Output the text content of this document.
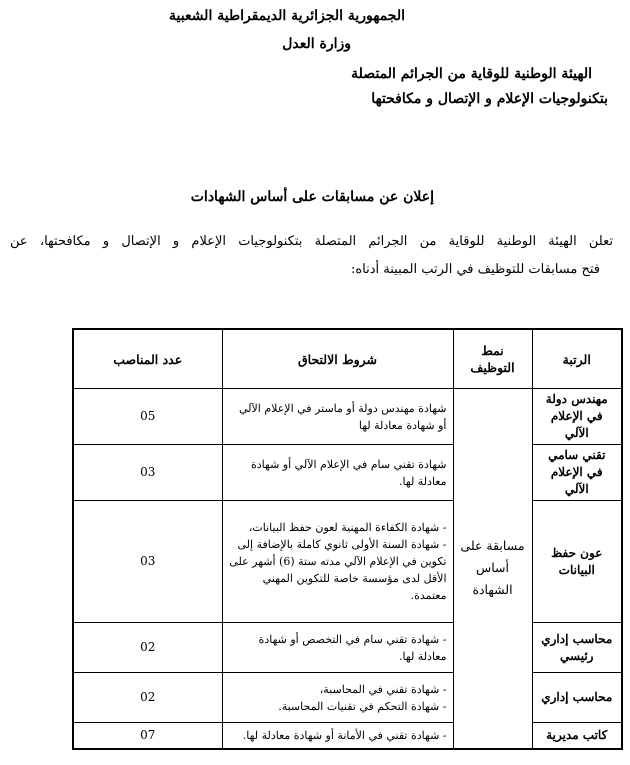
الجمهورية الجزائرية الديمقراطية الشعبية
وزارة العدل
الهيئة الوطنية للوقاية من الجرائم المتصلة
بتكنولوجيات الإعلام و الإتصال و مكافحتها
إعلان عن مسابقات على أساس الشهادات
تعلن الهيئة الوطنية للوقاية من الجرائم المتصلة بتكنولوجيات الإعلام و الإتصال و مكافحتها، عن
فتح مسابقات للتوظيف في الرتب المبينة أدناه:
الرتبة	نمط التوظيف	شروط الالتحاق	عدد المناصب
مهندس دولة في الإعلام الآلي	مسابقة على أساس الشهادة	شهادة مهندس دولة أو ماستر في الإعلام الآلي أو شهادة معادلة لها	05
تقني سامي في الإعلام الآلي		شهادة تقني سام في الإعلام الآلي أو شهادة معادلة لها.	03
عون حفظ البيانات		- شهادة الكفاءة المهنية لعون حفظ البيانات،
- شهادة السنة الأولى ثانوي كاملة بالإضافة إلى تكوين في الإعلام الآلي مدته ستة (6) أشهر على الأقل لدى مؤسسة خاصة للتكوين المهني معتمدة.	03
محاسب إداري رئيسي		- شهادة تقني سام في التخصص أو شهادة معادلة لها.	02
محاسب إداري		- شهادة تقني في المحاسبة،
- شهادة التحكم في تقنيات المحاسبة.	02
كاتب مديرية		- شهادة تقني في الأمانة أو شهادة معادلة لها.	07
